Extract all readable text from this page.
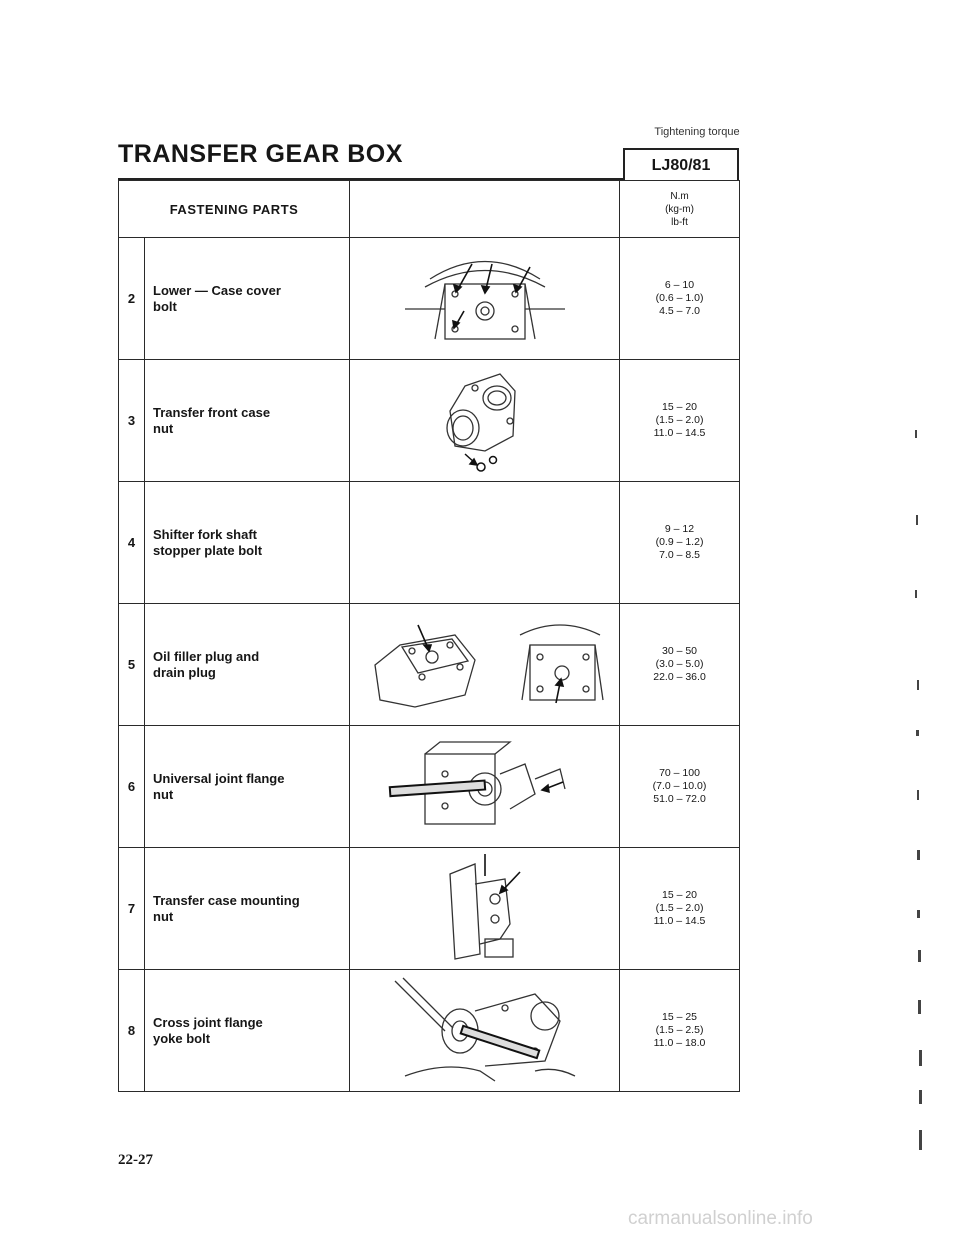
Tightening torque
TRANSFER GEAR BOX	LJ80/81
FASTENING PARTS			N.m
(kg-m)
lb-ft

2	Lower — Case cover
bolt		6 – 10
(0.6 – 1.0)
4.5 – 7.0

3	Transfer front case
nut		15 – 20
(1.5 – 2.0)
11.0 – 14.5

4	Shifter fork shaft
stopper plate bolt		9 – 12
(0.9 – 1.2)
7.0 – 8.5

5	Oil filler plug and
drain plug		30 – 50
(3.0 – 5.0)
22.0 – 36.0

6	Universal joint flange
nut		70 – 100
(7.0 – 10.0)
51.0 – 72.0

7	Transfer case mounting
nut		15 – 20
(1.5 – 2.0)
11.0 – 14.5

8	Cross joint flange
yoke bolt		15 – 25
(1.5 – 2.5)
11.0 – 18.0
22-27
carmanualsonline.info
